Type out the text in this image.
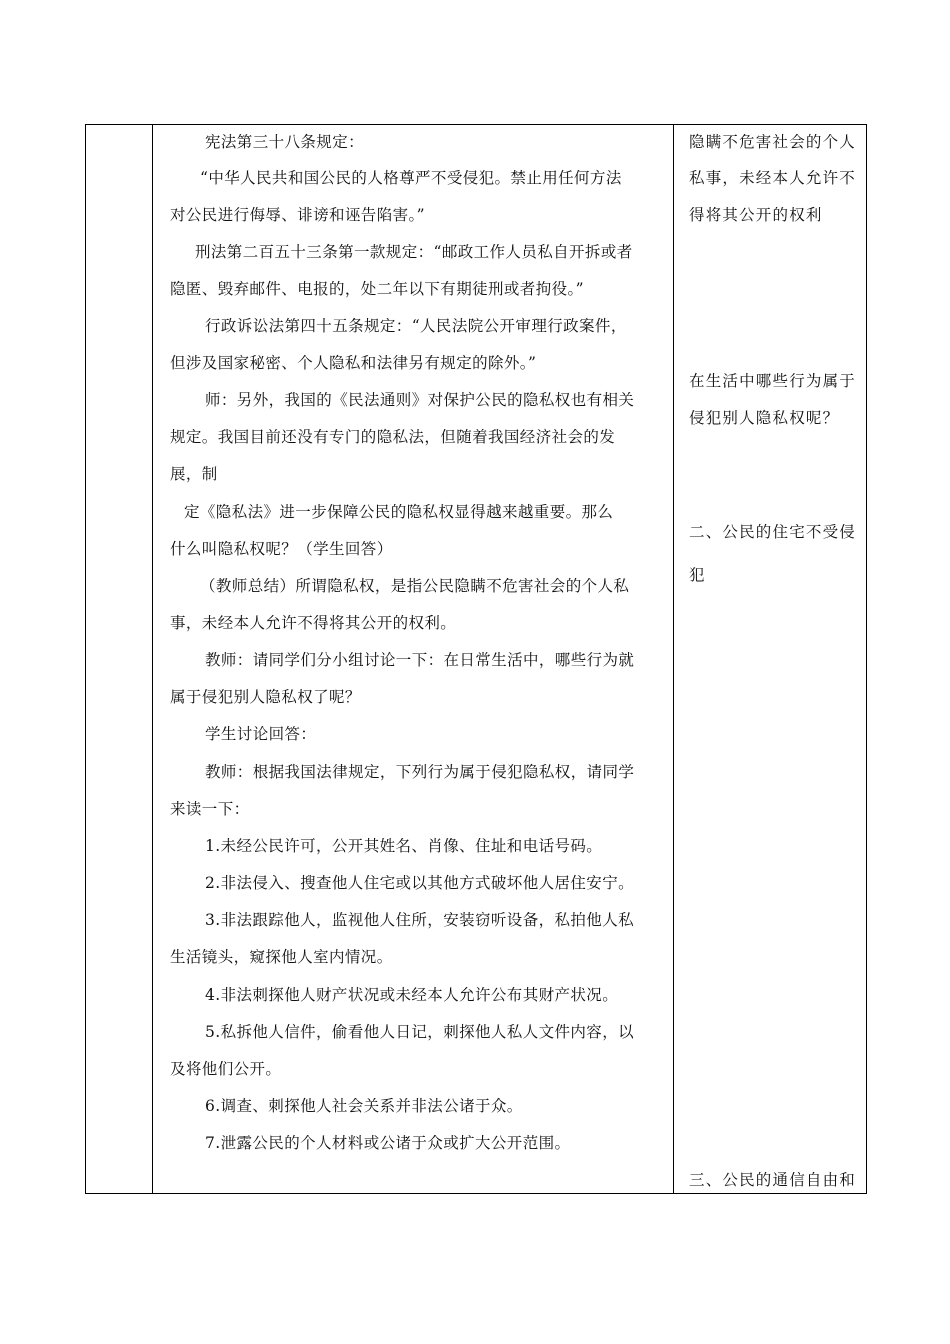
宪法第三十八条规定：
“中华人民共和国公民的人格尊严不受侵犯。禁止用任何方法
对公民进行侮辱、诽谤和诬告陷害。”
刑法第二百五十三条第一款规定：“邮政工作人员私自开拆或者
隐匿、毁弃邮件、电报的，处二年以下有期徒刑或者拘役。”
行政诉讼法第四十五条规定：“人民法院公开审理行政案件，
但涉及国家秘密、个人隐私和法律另有规定的除外。”
师：另外，我国的《民法通则》对保护公民的隐私权也有相关
规定。我国目前还没有专门的隐私法，但随着我国经济社会的发
展，制
定《隐私法》进一步保障公民的隐私权显得越来越重要。那么
什么叫隐私权呢？（学生回答）
（教师总结）所谓隐私权，是指公民隐瞒不危害社会的个人私
事，未经本人允许不得将其公开的权利。
教师：请同学们分小组讨论一下：在日常生活中，哪些行为就
属于侵犯别人隐私权了呢？
学生讨论回答：
教师：根据我国法律规定，下列行为属于侵犯隐私权，请同学
来读一下：
1.未经公民许可，公开其姓名、肖像、住址和电话号码。
2.非法侵入、搜查他人住宅或以其他方式破坏他人居住安宁。
3.非法跟踪他人，监视他人住所，安装窃听设备，私拍他人私
生活镜头，窥探他人室内情况。
4.非法刺探他人财产状况或未经本人允许公布其财产状况。
5.私拆他人信件，偷看他人日记，刺探他人私人文件内容，以
及将他们公开。
6.调查、刺探他人社会关系并非法公诸于众。
7.泄露公民的个人材料或公诸于众或扩大公开范围。
隐瞒不危害社会的个人
私事，未经本人允许不
得将其公开的权利
在生活中哪些行为属于
侵犯别人隐私权呢？
二、公民的住宅不受侵
犯
三、公民的通信自由和
